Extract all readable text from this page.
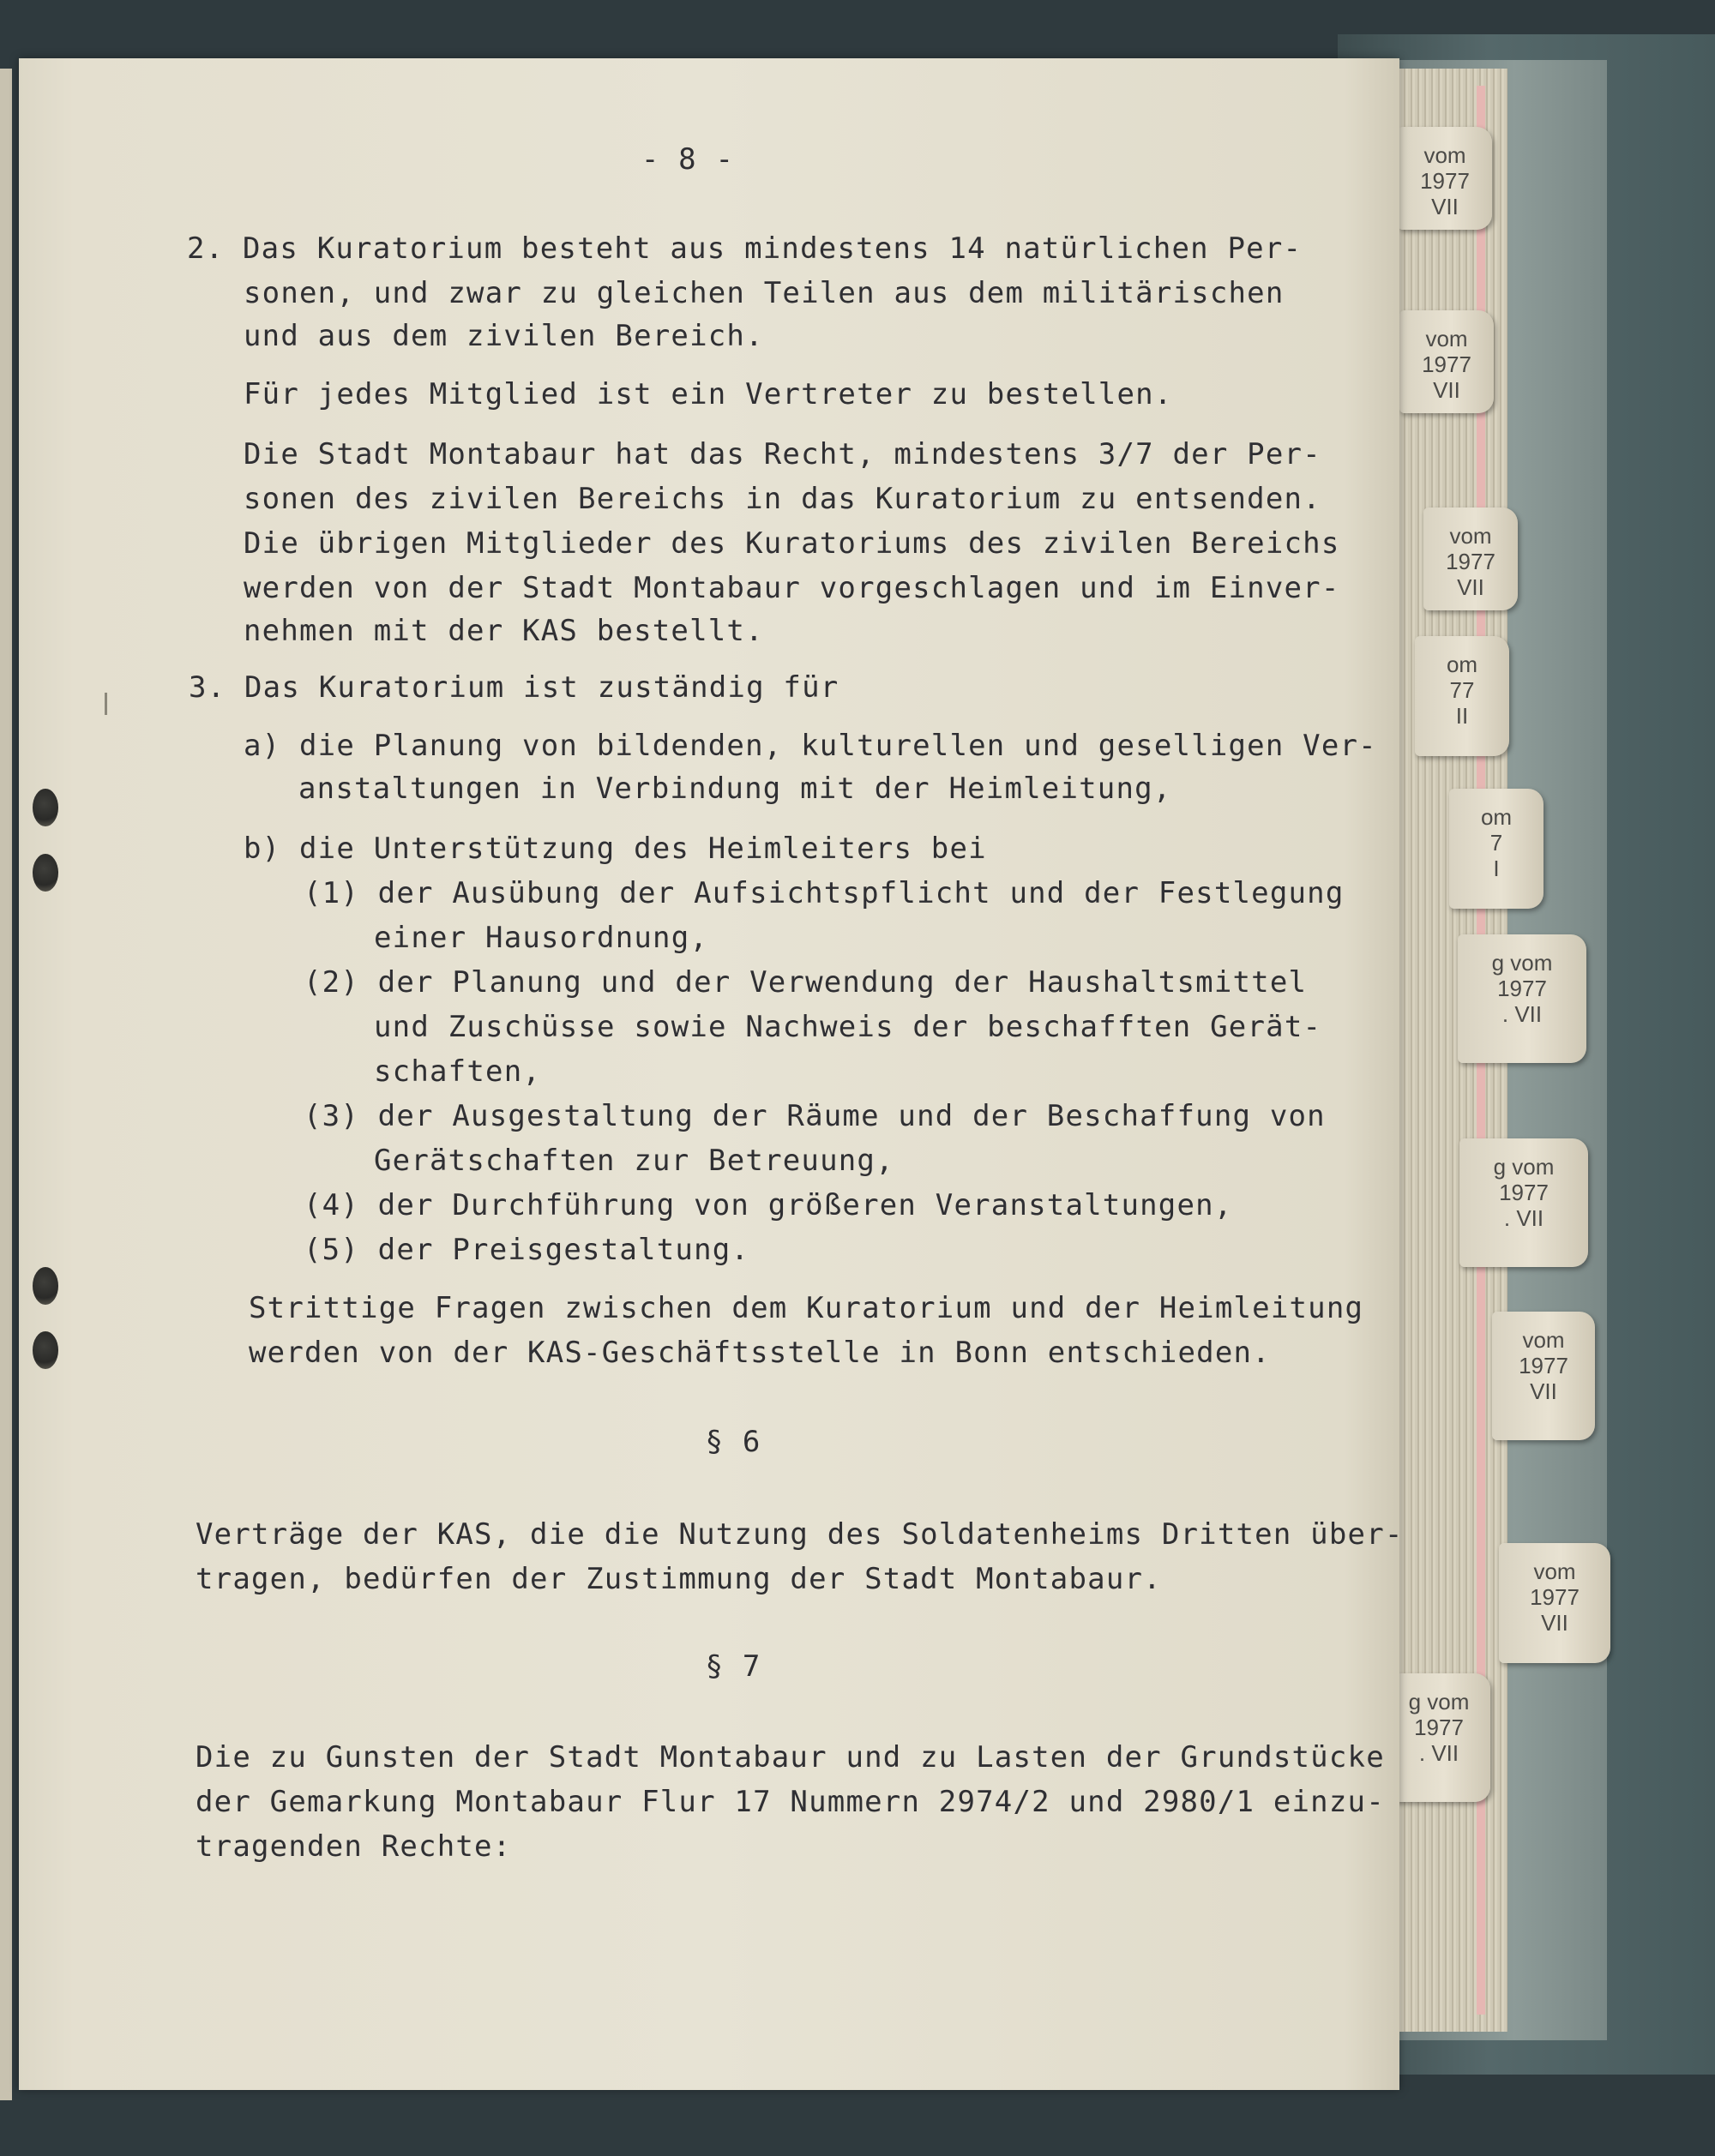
vom
1977
VII
vom
1977
VII
vom
1977
VII
om
77
II
om
7
I
g vom
1977
. VII
g vom
1977
. VII
vom
1977
VII
vom
1977
VII
g vom
1977
. VII
- 8 -
2. Das Kuratorium besteht aus mindestens 14 natürlichen Per-
sonen, und zwar zu gleichen Teilen aus dem militärischen
und aus dem zivilen Bereich.
Für jedes Mitglied ist ein Vertreter zu bestellen.
Die Stadt Montabaur hat das Recht, mindestens 3/7 der Per-
sonen des zivilen Bereichs in das Kuratorium zu entsenden.
Die übrigen Mitglieder des Kuratoriums des zivilen Bereichs
werden von der Stadt Montabaur vorgeschlagen und im Einver-
nehmen mit der KAS bestellt.
3. Das Kuratorium ist zuständig für
a) die Planung von bildenden, kulturellen und geselligen Ver-
anstaltungen in Verbindung mit der Heimleitung,
b) die Unterstützung des Heimleiters bei
(1) der Ausübung der Aufsichtspflicht und der Festlegung
einer Hausordnung,
(2) der Planung und der Verwendung der Haushaltsmittel
und Zuschüsse sowie Nachweis der beschafften Gerät-
schaften,
(3) der Ausgestaltung der Räume und der Beschaffung von
Gerätschaften zur Betreuung,
(4) der Durchführung von größeren Veranstaltungen,
(5) der Preisgestaltung.
Strittige Fragen zwischen dem Kuratorium und der Heimleitung
werden von der KAS-Geschäftsstelle in Bonn entschieden.
§ 6
Verträge der KAS, die die Nutzung des Soldatenheims Dritten über-
tragen, bedürfen der Zustimmung der Stadt Montabaur.
§ 7
Die zu Gunsten der Stadt Montabaur und zu Lasten der Grundstücke
der Gemarkung Montabaur Flur 17 Nummern 2974/2 und 2980/1 einzu-
tragenden Rechte:
